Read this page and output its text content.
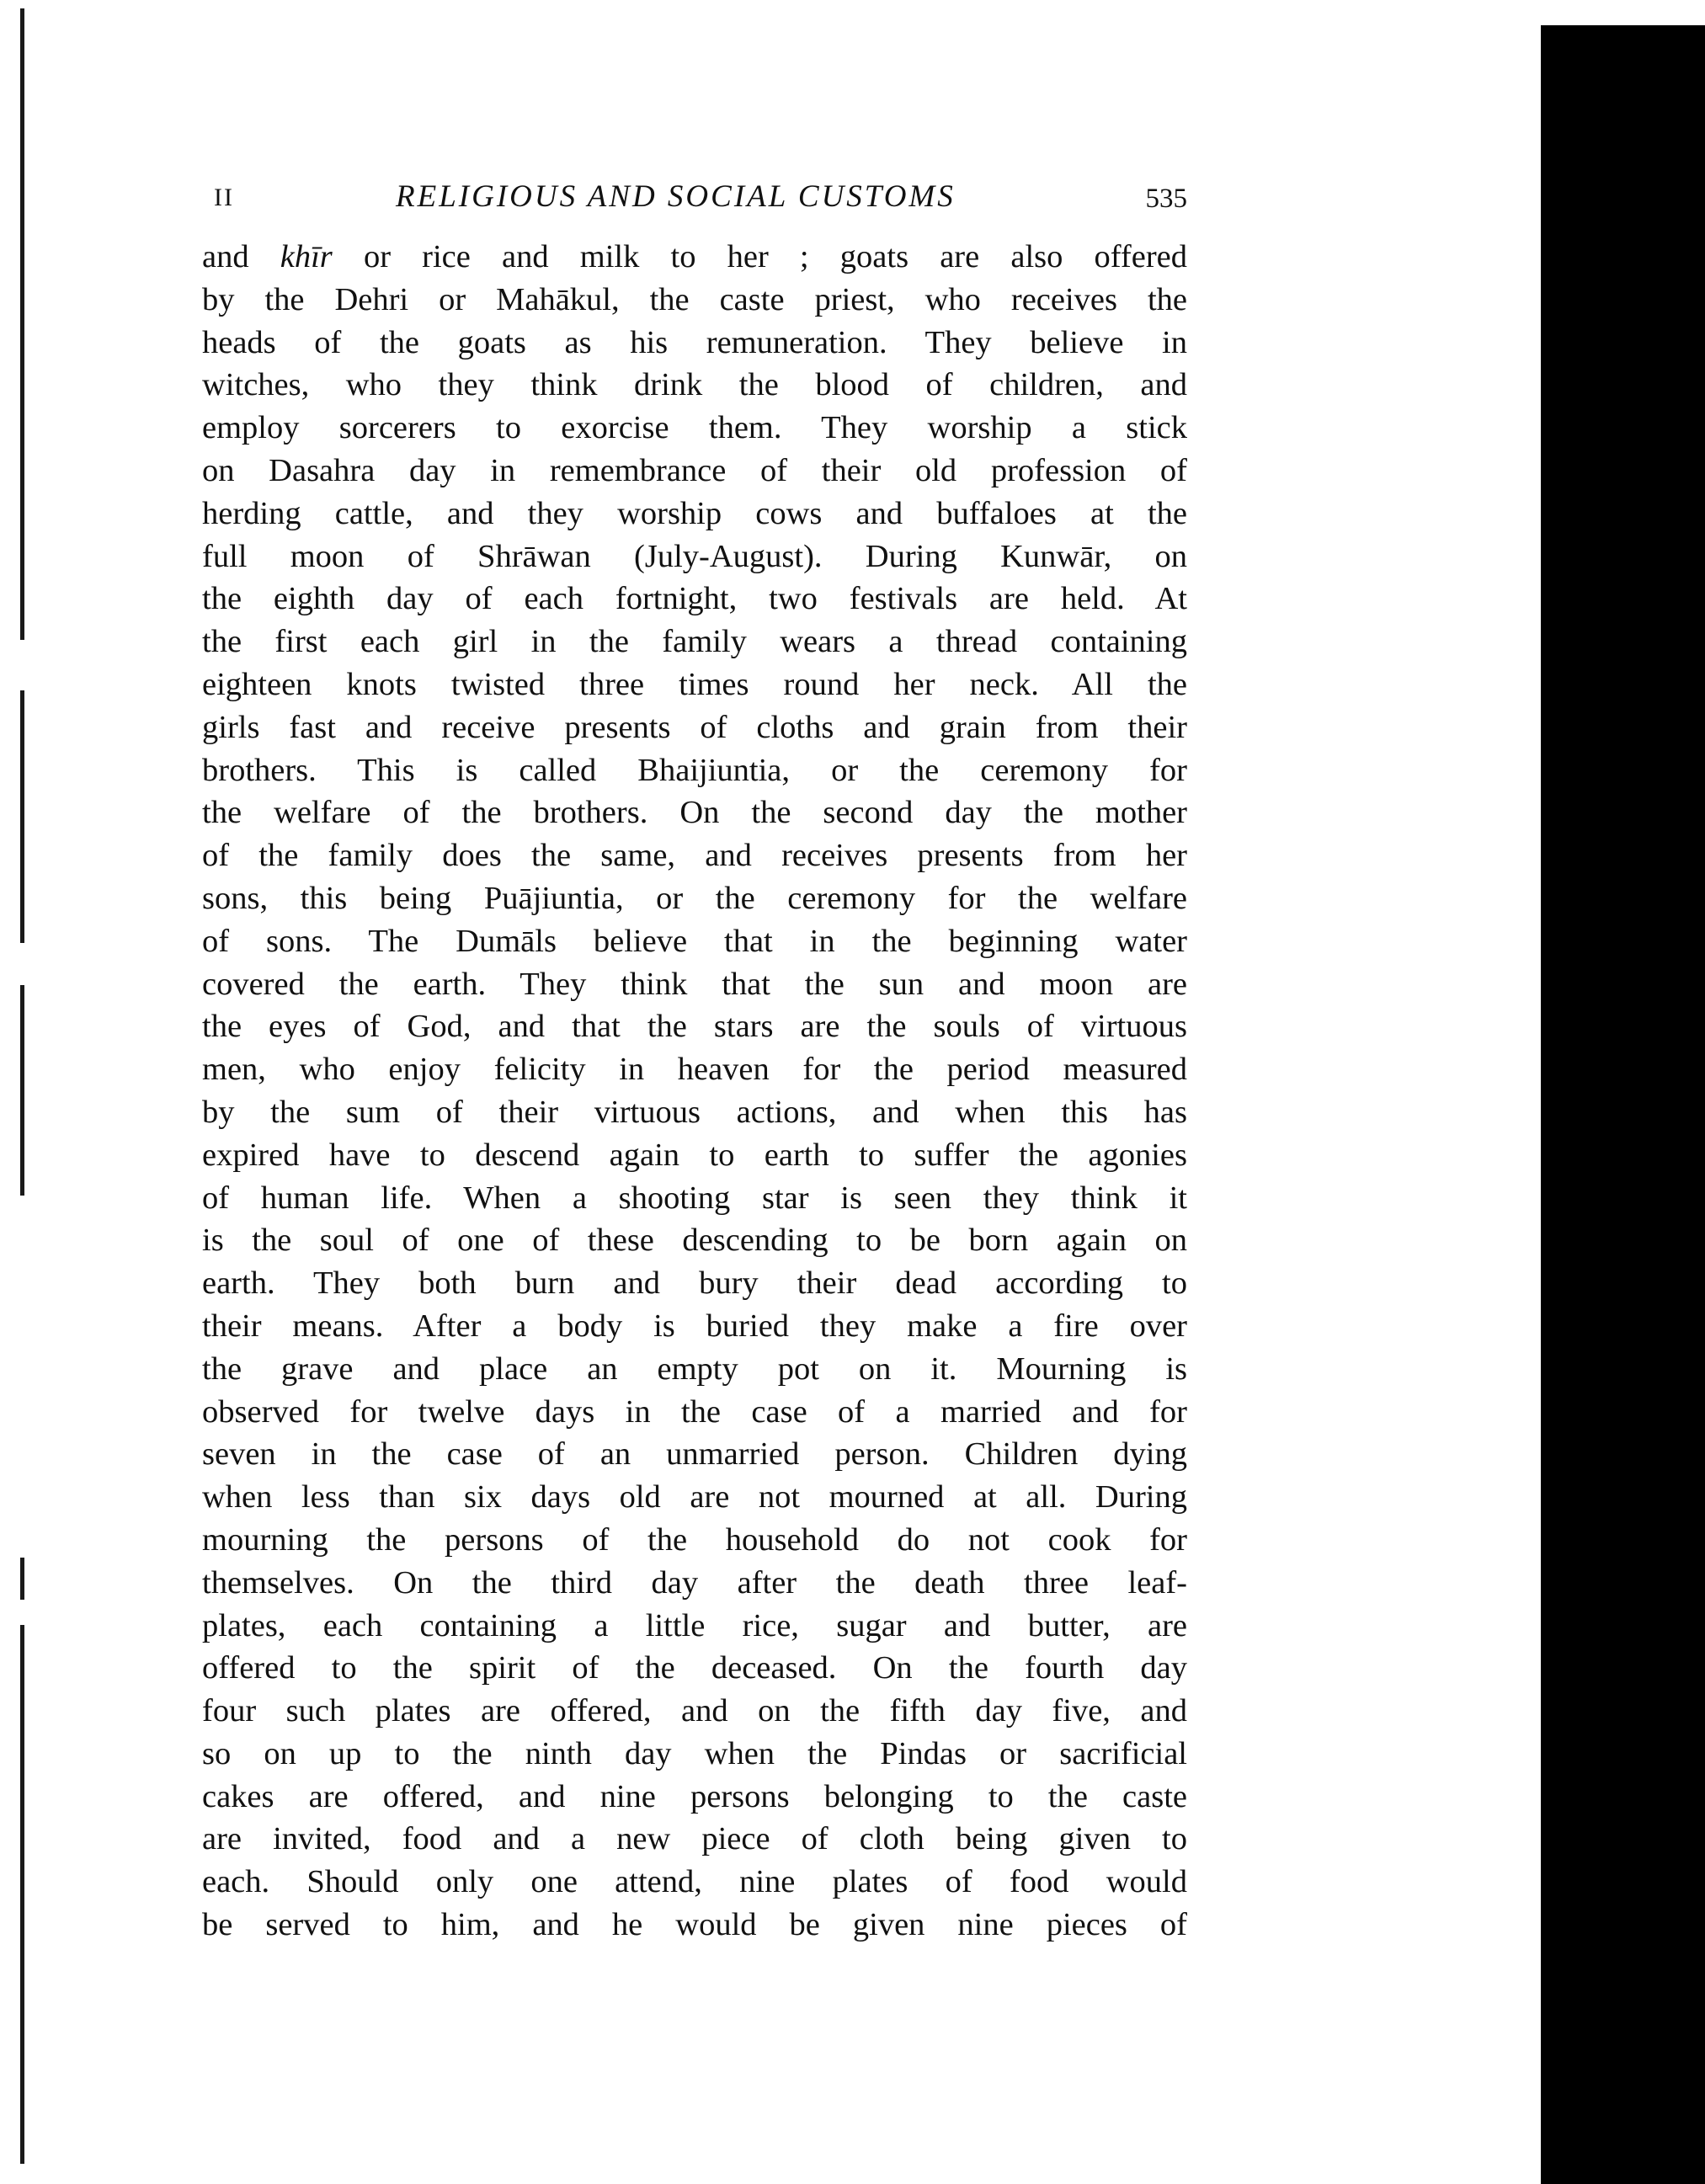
II	RELIGIOUS AND SOCIAL CUSTOMS	535
and khīr or rice and milk to her ; goats are also offered
by the Dehri or Mahākul, the caste priest, who receives the
heads of the goats as his remuneration. They believe in
witches, who they think drink the blood of children, and
employ sorcerers to exorcise them. They worship a stick
on Dasahra day in remembrance of their old profession of
herding cattle, and they worship cows and buffaloes at the
full moon of Shrāwan (July-August). During Kunwār, on
the eighth day of each fortnight, two festivals are held. At
the first each girl in the family wears a thread containing
eighteen knots twisted three times round her neck. All the
girls fast and receive presents of cloths and grain from their
brothers. This is called Bhaijiuntia, or the ceremony for
the welfare of the brothers. On the second day the mother
of the family does the same, and receives presents from her
sons, this being Puājiuntia, or the ceremony for the welfare
of sons. The Dumāls believe that in the beginning water
covered the earth. They think that the sun and moon are
the eyes of God, and that the stars are the souls of virtuous
men, who enjoy felicity in heaven for the period measured
by the sum of their virtuous actions, and when this has
expired have to descend again to earth to suffer the agonies
of human life. When a shooting star is seen they think it
is the soul of one of these descending to be born again on
earth. They both burn and bury their dead according to
their means. After a body is buried they make a fire over
the grave and place an empty pot on it. Mourning is
observed for twelve days in the case of a married and for
seven in the case of an unmarried person. Children dying
when less than six days old are not mourned at all. During
mourning the persons of the household do not cook for
themselves. On the third day after the death three leaf-
plates, each containing a little rice, sugar and butter, are
offered to the spirit of the deceased. On the fourth day
four such plates are offered, and on the fifth day five, and
so on up to the ninth day when the Pindas or sacrificial
cakes are offered, and nine persons belonging to the caste
are invited, food and a new piece of cloth being given to
each. Should only one attend, nine plates of food would
be served to him, and he would be given nine pieces of
